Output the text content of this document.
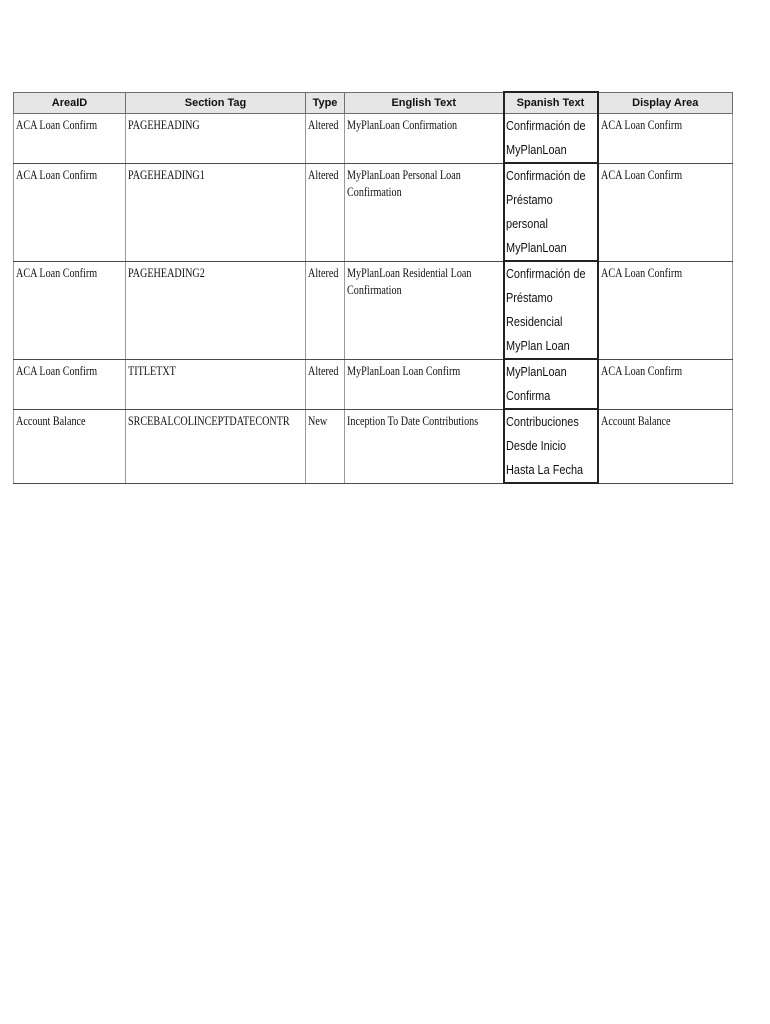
AreaID	Section Tag	Type	English Text	Spanish Text	Display Area
ACA Loan Confirm	PAGEHEADING	Altered	MyPlanLoan Confirmation	Confirmación de MyPlanLoan	ACA Loan Confirm
ACA Loan Confirm	PAGEHEADING1	Altered	MyPlanLoan Personal Loan Confirmation	Confirmación de Préstamo personal MyPlanLoan	ACA Loan Confirm
ACA Loan Confirm	PAGEHEADING2	Altered	MyPlanLoan Residential Loan Confirmation	Confirmación de Préstamo Residencial MyPlan Loan	ACA Loan Confirm
ACA Loan Confirm	TITLETXT	Altered	MyPlanLoan Loan Confirm	MyPlanLoan Confirma	ACA Loan Confirm
Account Balance	SRCEBALCOLINCEPTDATECONTR	New	Inception To Date Contributions	Contribuciones Desde Inicio Hasta La Fecha	Account Balance
